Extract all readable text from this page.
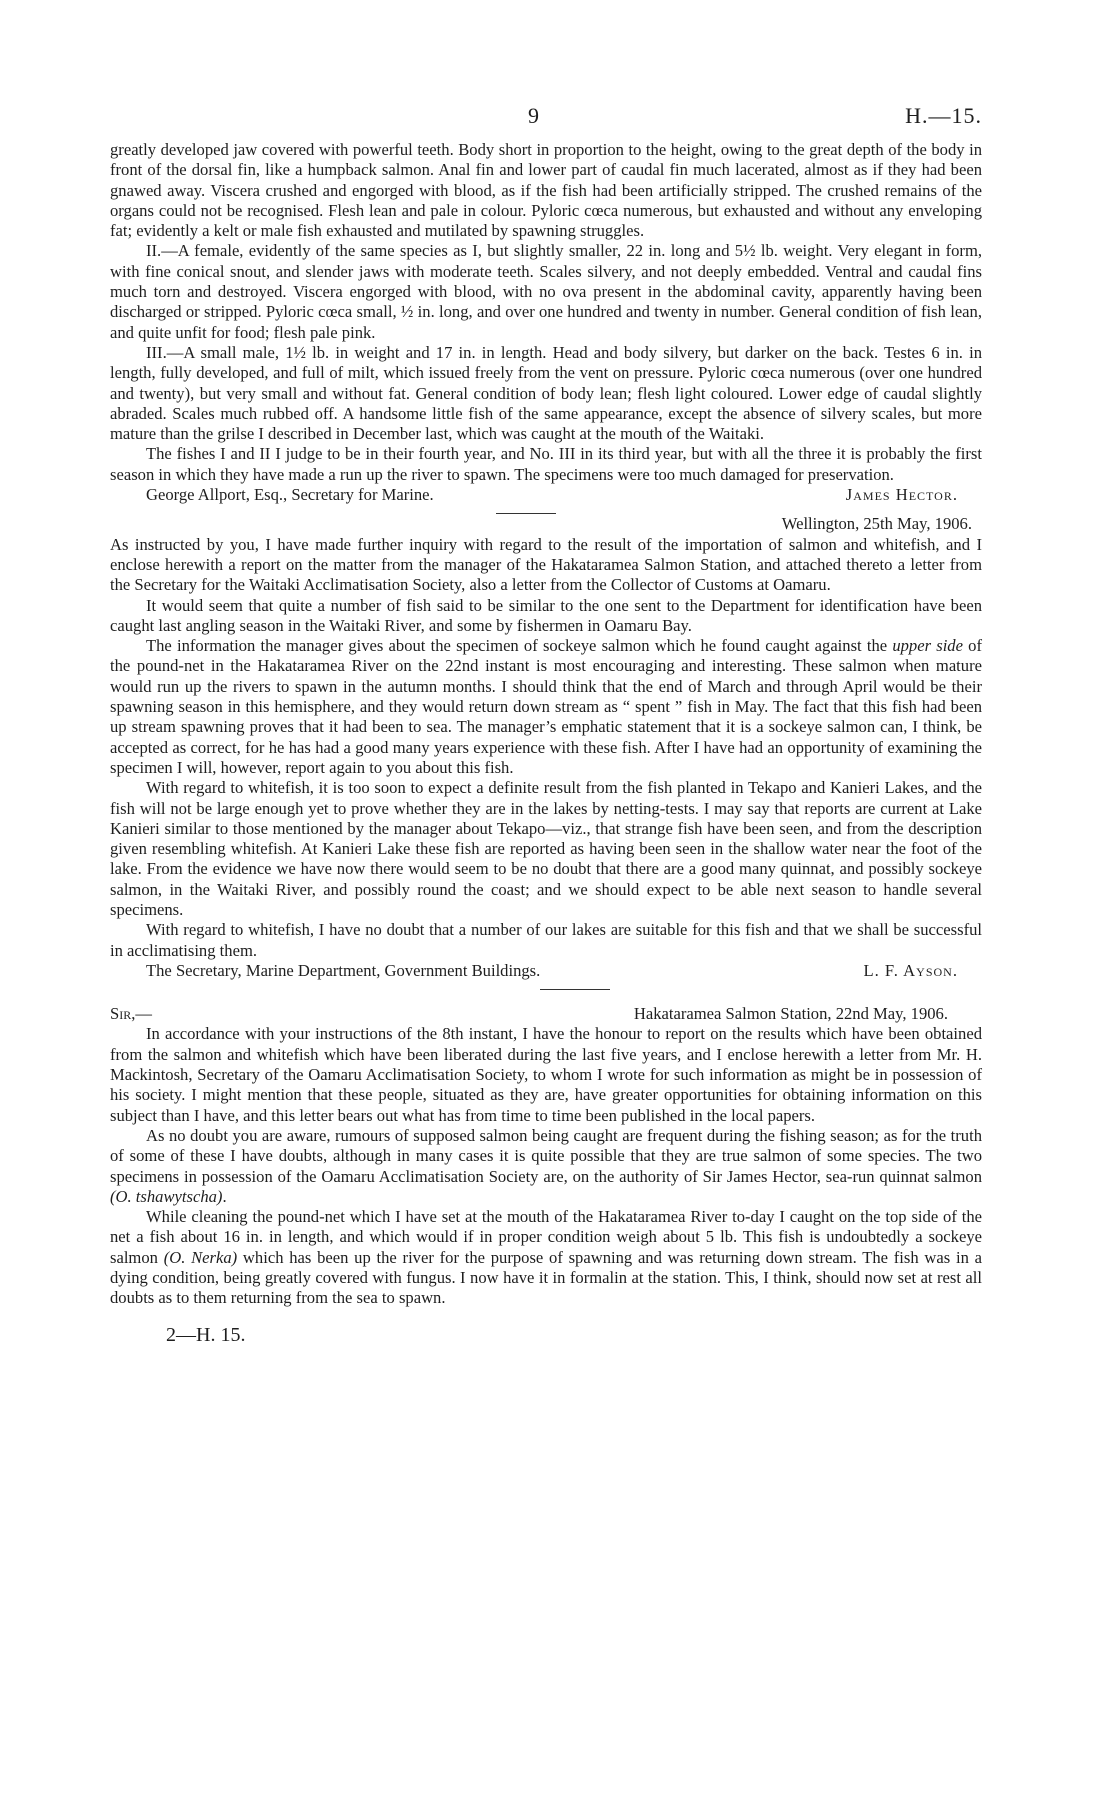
9	H.—15.

greatly developed jaw covered with powerful teeth. Body short in proportion to the height, owing to the great depth of the body in front of the dorsal fin, like a humpback salmon. Anal fin and lower part of caudal fin much lacerated, almost as if they had been gnawed away. Viscera crushed and engorged with blood, as if the fish had been artificially stripped. The crushed remains of the organs could not be recognised. Flesh lean and pale in colour. Pyloric cœca numerous, but exhausted and without any enveloping fat; evidently a kelt or male fish exhausted and mutilated by spawning struggles.

II.—A female, evidently of the same species as I, but slightly smaller, 22 in. long and 5½ lb. weight. Very elegant in form, with fine conical snout, and slender jaws with moderate teeth. Scales silvery, and not deeply embedded. Ventral and caudal fins much torn and destroyed. Viscera engorged with blood, with no ova present in the abdominal cavity, apparently having been discharged or stripped. Pyloric cœca small, ½ in. long, and over one hundred and twenty in number. General condition of fish lean, and quite unfit for food; flesh pale pink.

III.—A small male, 1½ lb. in weight and 17 in. in length. Head and body silvery, but darker on the back. Testes 6 in. in length, fully developed, and full of milt, which issued freely from the vent on pressure. Pyloric cœca numerous (over one hundred and twenty), but very small and without fat. General condition of body lean; flesh light coloured. Lower edge of caudal slightly abraded. Scales much rubbed off. A handsome little fish of the same appearance, except the absence of silvery scales, but more mature than the grilse I described in December last, which was caught at the mouth of the Waitaki.

The fishes I and II I judge to be in their fourth year, and No. III in its third year, but with all the three it is probably the first season in which they have made a run up the river to spawn. The specimens were too much damaged for preservation.

George Allport, Esq., Secretary for Marine.	James Hector.
Wellington, 25th May, 1906.

As instructed by you, I have made further inquiry with regard to the result of the importation of salmon and whitefish, and I enclose herewith a report on the matter from the manager of the Hakataramea Salmon Station, and attached thereto a letter from the Secretary for the Waitaki Acclimatisation Society, also a letter from the Collector of Customs at Oamaru.

It would seem that quite a number of fish said to be similar to the one sent to the Department for identification have been caught last angling season in the Waitaki River, and some by fishermen in Oamaru Bay.

The information the manager gives about the specimen of sockeye salmon which he found caught against the upper side of the pound-net in the Hakataramea River on the 22nd instant is most encouraging and interesting. These salmon when mature would run up the rivers to spawn in the autumn months. I should think that the end of March and through April would be their spawning season in this hemisphere, and they would return down stream as “ spent ” fish in May. The fact that this fish had been up stream spawning proves that it had been to sea. The manager’s emphatic statement that it is a sockeye salmon can, I think, be accepted as correct, for he has had a good many years experience with these fish. After I have had an opportunity of examining the specimen I will, however, report again to you about this fish.

With regard to whitefish, it is too soon to expect a definite result from the fish planted in Tekapo and Kanieri Lakes, and the fish will not be large enough yet to prove whether they are in the lakes by netting-tests. I may say that reports are current at Lake Kanieri similar to those mentioned by the manager about Tekapo—viz., that strange fish have been seen, and from the description given resembling whitefish. At Kanieri Lake these fish are reported as having been seen in the shallow water near the foot of the lake. From the evidence we have now there would seem to be no doubt that there are a good many quinnat, and possibly sockeye salmon, in the Waitaki River, and possibly round the coast; and we should expect to be able next season to handle several specimens.

With regard to whitefish, I have no doubt that a number of our lakes are suitable for this fish and that we shall be successful in acclimatising them.

The Secretary, Marine Department, Government Buildings.	L. F. Ayson.
Sir,—	Hakataramea Salmon Station, 22nd May, 1906.

In accordance with your instructions of the 8th instant, I have the honour to report on the results which have been obtained from the salmon and whitefish which have been liberated during the last five years, and I enclose herewith a letter from Mr. H. Mackintosh, Secretary of the Oamaru Acclimatisation Society, to whom I wrote for such information as might be in possession of his society. I might mention that these people, situated as they are, have greater opportunities for obtaining information on this subject than I have, and this letter bears out what has from time to time been published in the local papers.

As no doubt you are aware, rumours of supposed salmon being caught are frequent during the fishing season; as for the truth of some of these I have doubts, although in many cases it is quite possible that they are true salmon of some species. The two specimens in possession of the Oamaru Acclimatisation Society are, on the authority of Sir James Hector, sea-run quinnat salmon (O. tshawytscha).

While cleaning the pound-net which I have set at the mouth of the Hakataramea River to-day I caught on the top side of the net a fish about 16 in. in length, and which would if in proper condition weigh about 5 lb. This fish is undoubtedly a sockeye salmon (O. Nerka) which has been up the river for the purpose of spawning and was returning down stream. The fish was in a dying condition, being greatly covered with fungus. I now have it in formalin at the station. This, I think, should now set at rest all doubts as to them returning from the sea to spawn.

2—H. 15.
